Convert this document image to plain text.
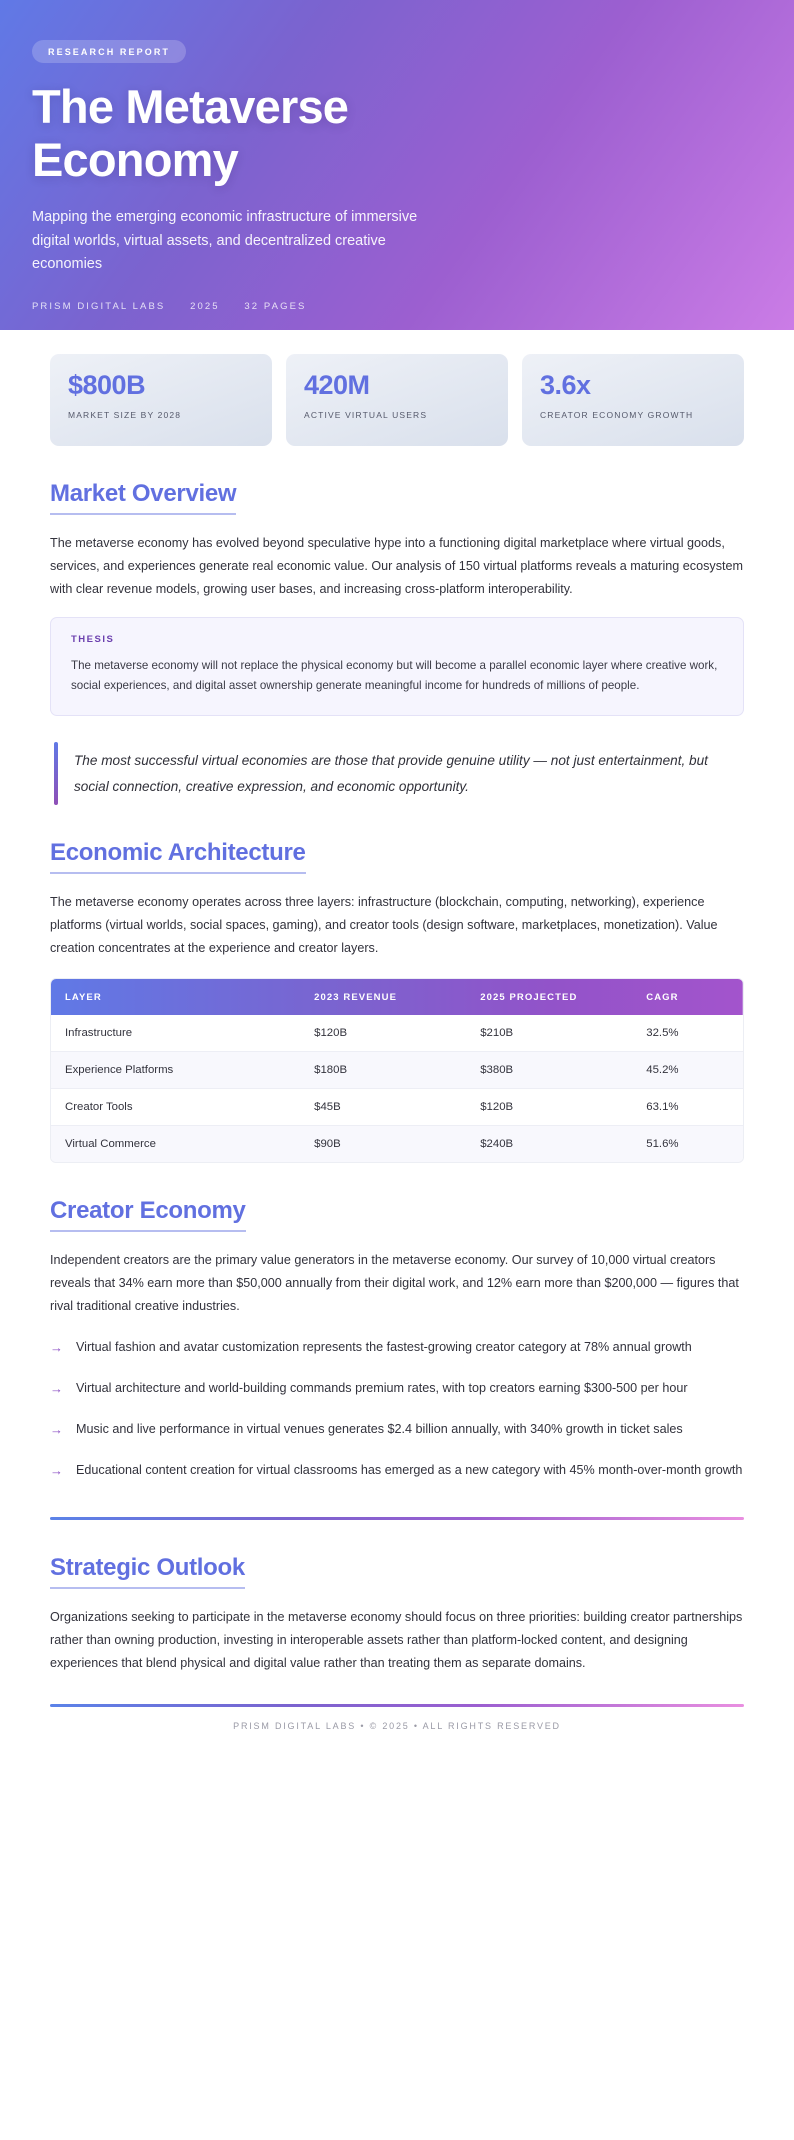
RESEARCH REPORT
The Metaverse Economy

Mapping the emerging economic infrastructure of immersive digital worlds, virtual assets, and decentralized creative economies

PRISM DIGITAL LABS	2025	32 PAGES
$800B
MARKET SIZE BY 2028
420M
ACTIVE VIRTUAL USERS
3.6x
CREATOR ECONOMY GROWTH
Market Overview

The metaverse economy has evolved beyond speculative hype into a functioning digital marketplace where virtual goods, services, and experiences generate real economic value. Our analysis of 150 virtual platforms reveals a maturing ecosystem with clear revenue models, growing user bases, and increasing cross-platform interoperability.

THESIS
The metaverse economy will not replace the physical economy but will become a parallel economic layer where creative work, social experiences, and digital asset ownership generate meaningful income for hundreds of millions of people.
The most successful virtual economies are those that provide genuine utility — not just entertainment, but social connection, creative expression, and economic opportunity.
Economic Architecture

The metaverse economy operates across three layers: infrastructure (blockchain, computing, networking), experience platforms (virtual worlds, social spaces, gaming), and creator tools (design software, marketplaces, monetization). Value creation concentrates at the experience and creator layers.

LAYER	2023 REVENUE	2025 PROJECTED	CAGR
Infrastructure	$120B	$210B	32.5%
Experience Platforms	$180B	$380B	45.2%
Creator Tools	$45B	$120B	63.1%
Virtual Commerce	$90B	$240B	51.6%
Creator Economy

Independent creators are the primary value generators in the metaverse economy. Our survey of 10,000 virtual creators reveals that 34% earn more than $50,000 annually from their digital work, and 12% earn more than $200,000 — figures that rival traditional creative industries.

→ Virtual fashion and avatar customization represents the fastest-growing creator category at 78% annual growth
→ Virtual architecture and world-building commands premium rates, with top creators earning $300-500 per hour
→ Music and live performance in virtual venues generates $2.4 billion annually, with 340% growth in ticket sales
→ Educational content creation for virtual classrooms has emerged as a new category with 45% month-over-month growth
Strategic Outlook

Organizations seeking to participate in the metaverse economy should focus on three priorities: building creator partnerships rather than owning production, investing in interoperable assets rather than platform-locked content, and designing experiences that blend physical and digital value rather than treating them as separate domains.

PRISM DIGITAL LABS • © 2025 • ALL RIGHTS RESERVED
